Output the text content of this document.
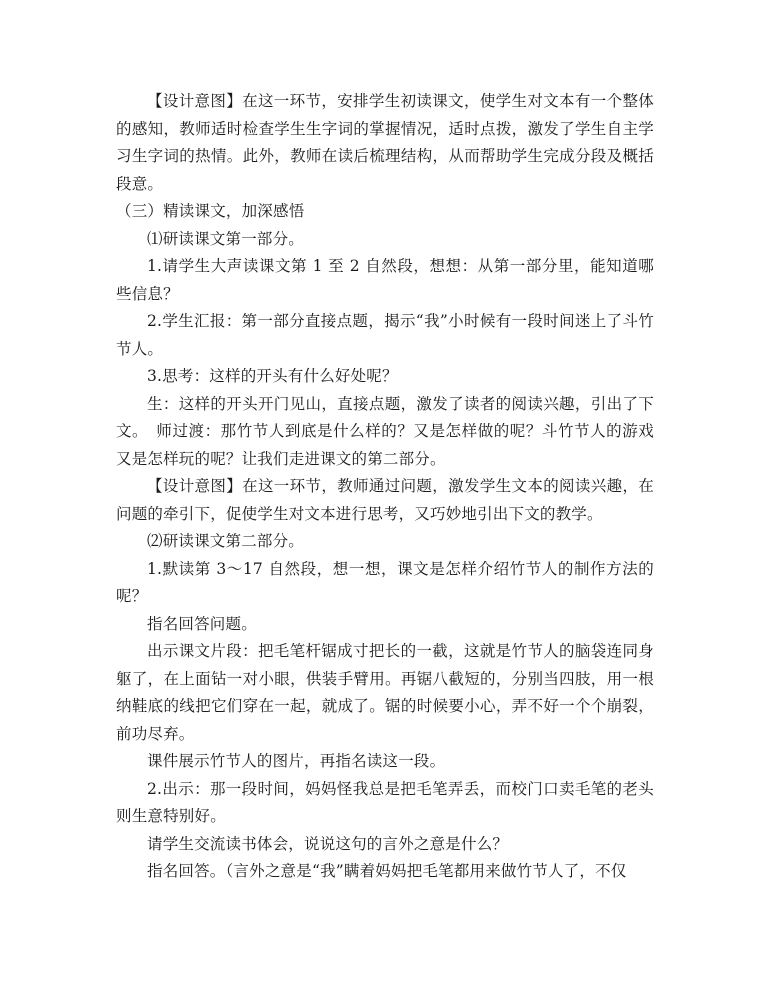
【设计意图】在这一环节，安排学生初读课文，使学生对文本有一个整体的感知，教师适时检查学生生字词的掌握情况，适时点拨，激发了学生自主学习生字词的热情。此外，教师在读后梳理结构，从而帮助学生完成分段及概括段意。

（三）精读课文，加深感悟

⑴研读课文第一部分。

1.请学生大声读课文第 1 至 2 自然段，想想：从第一部分里，能知道哪些信息？

2.学生汇报：第一部分直接点题，揭示“我”小时候有一段时间迷上了斗竹节人。

3.思考：这样的开头有什么好处呢？

生：这样的开头开门见山，直接点题，激发了读者的阅读兴趣，引出了下文。　师过渡：那竹节人到底是什么样的？又是怎样做的呢？斗竹节人的游戏又是怎样玩的呢？让我们走进课文的第二部分。

【设计意图】在这一环节，教师通过问题，激发学生文本的阅读兴趣，在问题的牵引下，促使学生对文本进行思考，又巧妙地引出下文的教学。

⑵研读课文第二部分。

1.默读第 3～17 自然段，想一想，课文是怎样介绍竹节人的制作方法的呢？

指名回答问题。

出示课文片段：把毛笔杆锯成寸把长的一截，这就是竹节人的脑袋连同身躯了，在上面钻一对小眼，供装手臂用。再锯八截短的，分别当四肢，用一根纳鞋底的线把它们穿在一起，就成了。锯的时候要小心，弄不好一个个崩裂，前功尽弃。

课件展示竹节人的图片，再指名读这一段。

2.出示：那一段时间，妈妈怪我总是把毛笔弄丢，而校门口卖毛笔的老头则生意特别好。

请学生交流读书体会，说说这句的言外之意是什么？

指名回答。（言外之意是“我”瞒着妈妈把毛笔都用来做竹节人了，不仅
